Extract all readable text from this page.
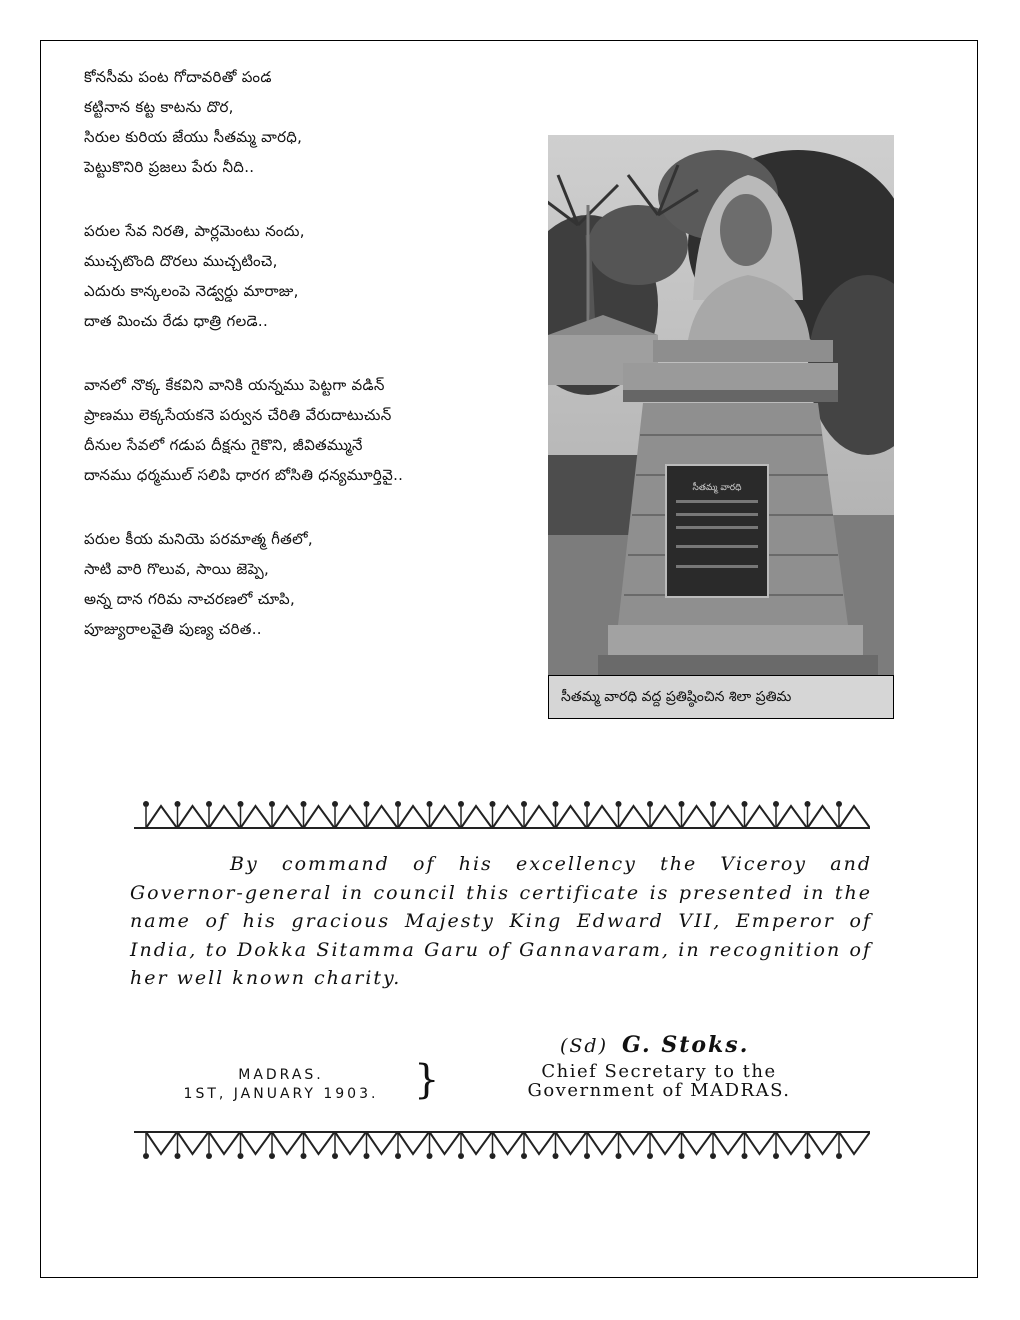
కోనసీమ పంట గోదావరితో పండ
కట్టినాన కట్ట కాటను దొర,
సిరుల కురియ జేయు సీతమ్మ వారధి,
పెట్టుకొనిరి ప్రజలు పేరు నీది..
పరుల సేవ నిరతి, పార్లమెంటు నందు,
ముచ్చటొంది దొరలు ముచ్చటించె,
ఎదురు కాన్కలంపె నెడ్వర్డు మారాజు,
దాత మించు రేడు ధాత్రి గలడె..
వానలో నొక్క కేకవిని వానికి యన్నము పెట్టగా వడిన్
ప్రాణము లెక్కసేయకనె పర్వున చేరితి వేరుదాటుచున్
దీనుల సేవలో గడుప దీక్షను గైకొని, జీవితమ్మునే
దానము ధర్మముల్ సలిపి ధారగ బోసితి ధన్యమూర్తివై..
పరుల కీయ మనియె పరమాత్మ గీతలో,
సాటి వారి గొలువ, సాయి జెప్పె,
అన్న దాన గరిమ నాచరణలో చూపి,
పూజ్యురాలవైతి పుణ్య చరిత..
సీతమ్మ వారధి
సీతమ్మ వారధి వద్ద ప్రతిష్ఠించిన శిలా ప్రతిమ
By command of his excellency the Viceroy and Governor-general in council this certificate is presented in the name of his gracious Majesty King Edward VII, Emperor of India, to Dokka Sitamma Garu of Gannavaram, in recognition of her well known charity.
(Sd) G. Stoks.
MADRAS.
1ST, JANUARY 1903. }	Chief Secretary to the
Government of MADRAS.
